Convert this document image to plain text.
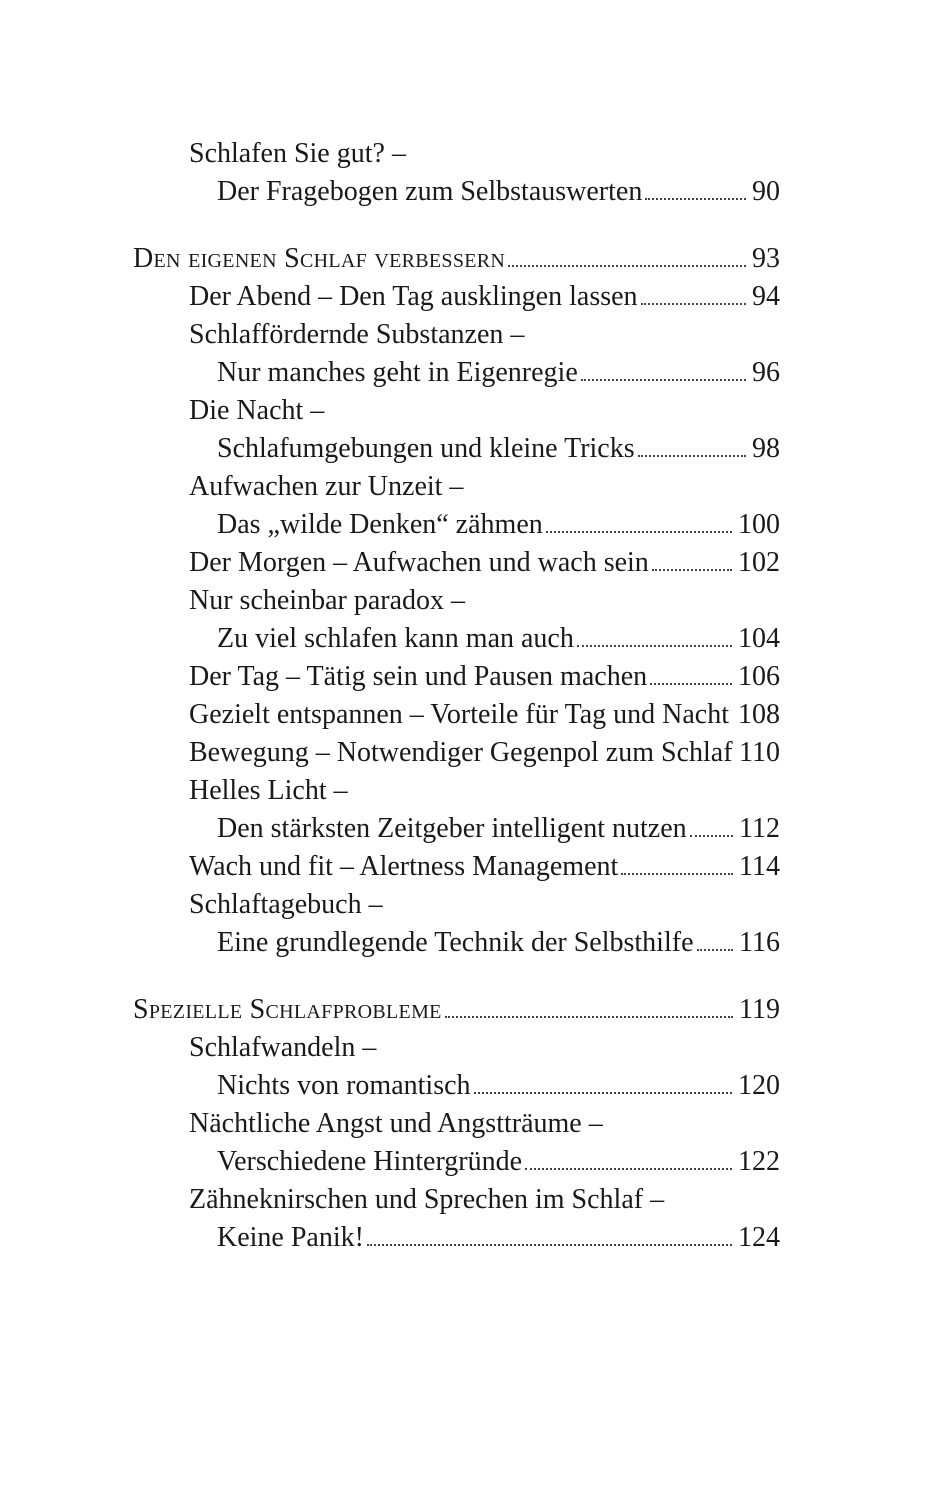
Schlafen Sie gut? –
Der Fragebogen zum Selbstauswerten	90
Den eigenen Schlaf verbessern	93
Der Abend – Den Tag ausklingen lassen	94
Schlaffördernde Substanzen –
Nur manches geht in Eigenregie	96
Die Nacht –
Schlafumgebungen und kleine Tricks	98
Aufwachen zur Unzeit –
Das „wilde Denken“ zähmen	100
Der Morgen – Aufwachen und wach sein	102
Nur scheinbar paradox –
Zu viel schlafen kann man auch	104
Der Tag – Tätig sein und Pausen machen	106
Gezielt entspannen – Vorteile für Tag und Nacht 108
Bewegung – Notwendiger Gegenpol zum Schlaf 110
Helles Licht –
Den stärksten Zeitgeber intelligent nutzen 112
Wach und fit – Alertness Management	114
Schlaftagebuch –
Eine grundlegende Technik der Selbsthilfe 116
Spezielle Schlafprobleme	119
Schlafwandeln –
Nichts von romantisch	120
Nächtliche Angst und Angstträume –
Verschiedene Hintergründe	122
Zähneknirschen und Sprechen im Schlaf –
Keine Panik!	124
